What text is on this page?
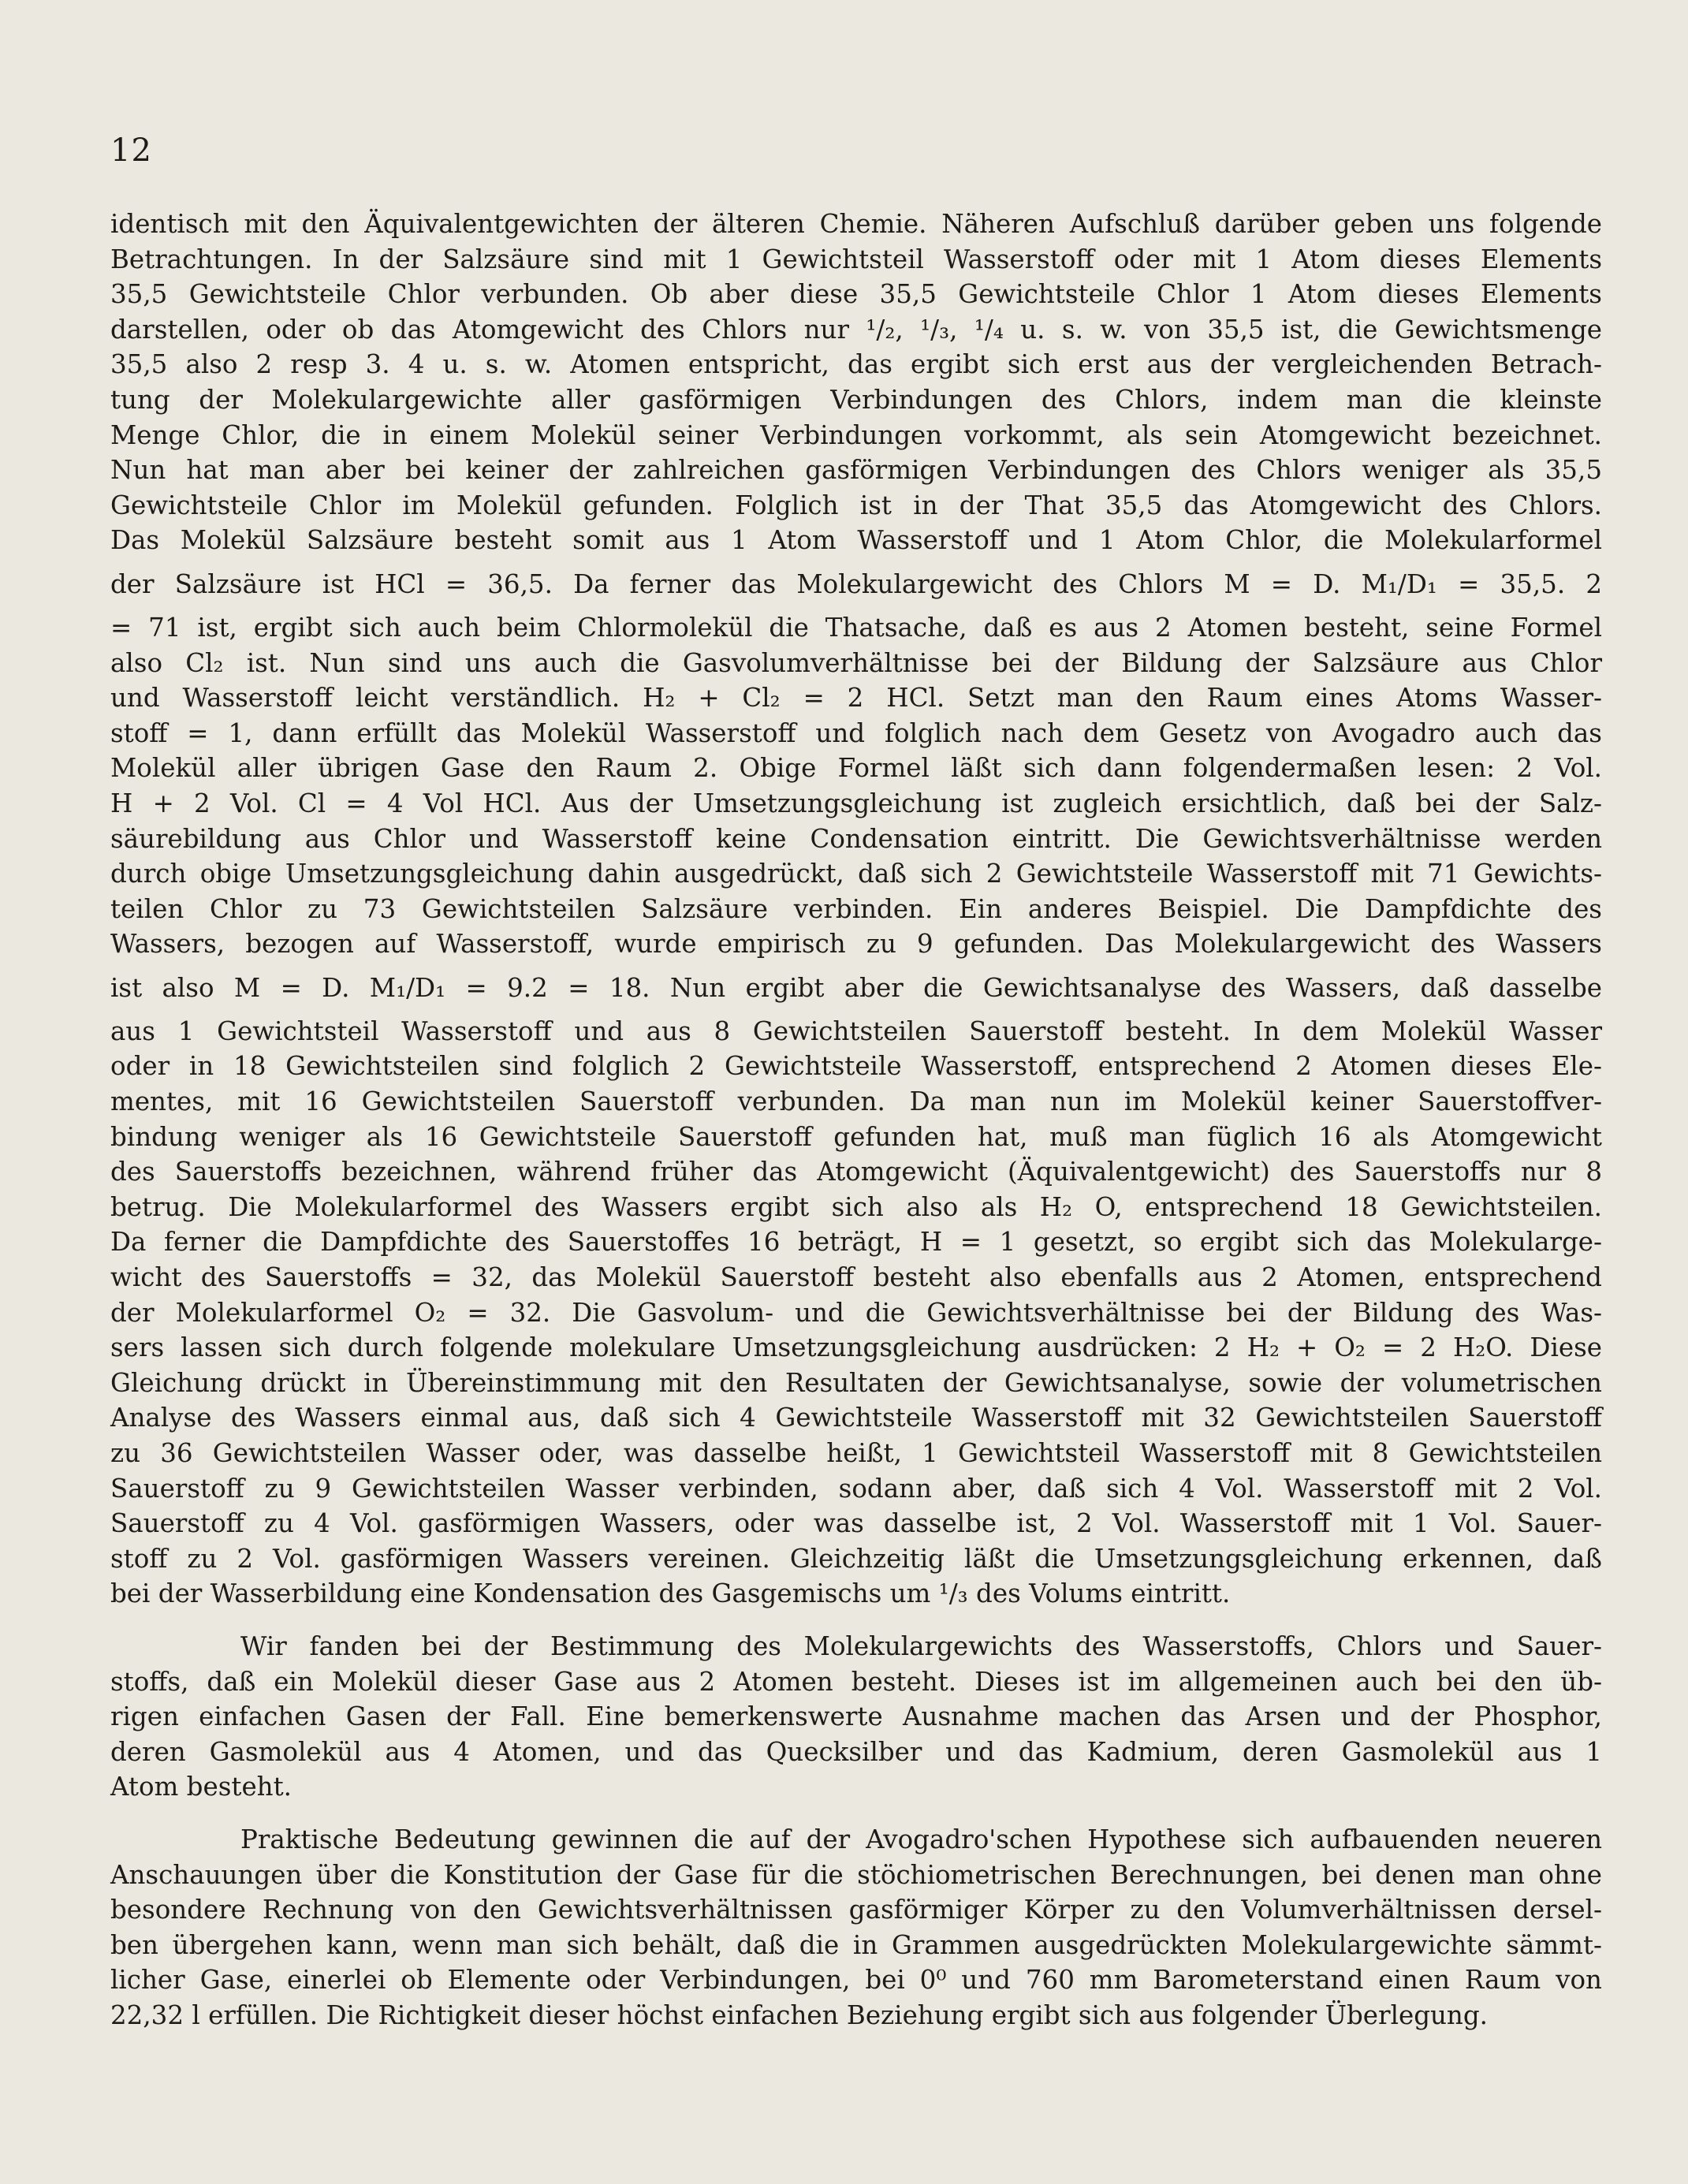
12
identisch mit den Äquivalentgewichten der älteren Chemie. Näheren Aufschluß darüber geben uns folgende
Betrachtungen. In der Salzsäure sind mit 1 Gewichtsteil Wasserstoff oder mit 1 Atom dieses Elements
35,5 Gewichtsteile Chlor verbunden. Ob aber diese 35,5 Gewichtsteile Chlor 1 Atom dieses Elements
darstellen, oder ob das Atomgewicht des Chlors nur ¹/₂, ¹/₃, ¹/₄ u. s. w. von 35,5 ist, die Gewichtsmenge
35,5 also 2 resp 3. 4 u. s. w. Atomen entspricht, das ergibt sich erst aus der vergleichenden Betrach-
tung der Molekulargewichte aller gasförmigen Verbindungen des Chlors, indem man die kleinste
Menge Chlor, die in einem Molekül seiner Verbindungen vorkommt, als sein Atomgewicht bezeichnet.
Nun hat man aber bei keiner der zahlreichen gasförmigen Verbindungen des Chlors weniger als 35,5
Gewichtsteile Chlor im Molekül gefunden. Folglich ist in der That 35,5 das Atomgewicht des Chlors.
Das Molekül Salzsäure besteht somit aus 1 Atom Wasserstoff und 1 Atom Chlor, die Molekularformel
der Salzsäure ist HCl = 36,5. Da ferner das Molekulargewicht des Chlors M = D. M₁/D₁ = 35,5. 2
= 71 ist, ergibt sich auch beim Chlormolekül die Thatsache, daß es aus 2 Atomen besteht, seine Formel
also Cl₂ ist. Nun sind uns auch die Gasvolumverhältnisse bei der Bildung der Salzsäure aus Chlor
und Wasserstoff leicht verständlich. H₂ + Cl₂ = 2 HCl. Setzt man den Raum eines Atoms Wasser-
stoff = 1, dann erfüllt das Molekül Wasserstoff und folglich nach dem Gesetz von Avogadro auch das
Molekül aller übrigen Gase den Raum 2. Obige Formel läßt sich dann folgendermaßen lesen: 2 Vol.
H + 2 Vol. Cl = 4 Vol HCl. Aus der Umsetzungsgleichung ist zugleich ersichtlich, daß bei der Salz-
säurebildung aus Chlor und Wasserstoff keine Condensation eintritt. Die Gewichtsverhältnisse werden
durch obige Umsetzungsgleichung dahin ausgedrückt, daß sich 2 Gewichtsteile Wasserstoff mit 71 Gewichts-
teilen Chlor zu 73 Gewichtsteilen Salzsäure verbinden. Ein anderes Beispiel. Die Dampfdichte des
Wassers, bezogen auf Wasserstoff, wurde empirisch zu 9 gefunden. Das Molekulargewicht des Wassers
ist also M = D. M₁/D₁ = 9.2 = 18. Nun ergibt aber die Gewichtsanalyse des Wassers, daß dasselbe
aus 1 Gewichtsteil Wasserstoff und aus 8 Gewichtsteilen Sauerstoff besteht. In dem Molekül Wasser
oder in 18 Gewichtsteilen sind folglich 2 Gewichtsteile Wasserstoff, entsprechend 2 Atomen dieses Ele-
mentes, mit 16 Gewichtsteilen Sauerstoff verbunden. Da man nun im Molekül keiner Sauerstoffver-
bindung weniger als 16 Gewichtsteile Sauerstoff gefunden hat, muß man füglich 16 als Atomgewicht
des Sauerstoffs bezeichnen, während früher das Atomgewicht (Äquivalentgewicht) des Sauerstoffs nur 8
betrug. Die Molekularformel des Wassers ergibt sich also als H₂ O, entsprechend 18 Gewichtsteilen.
Da ferner die Dampfdichte des Sauerstoffes 16 beträgt, H = 1 gesetzt, so ergibt sich das Molekularge-
wicht des Sauerstoffs = 32, das Molekül Sauerstoff besteht also ebenfalls aus 2 Atomen, entsprechend
der Molekularformel O₂ = 32. Die Gasvolum- und die Gewichtsverhältnisse bei der Bildung des Was-
sers lassen sich durch folgende molekulare Umsetzungsgleichung ausdrücken: 2 H₂ + O₂ = 2 H₂O. Diese
Gleichung drückt in Übereinstimmung mit den Resultaten der Gewichtsanalyse, sowie der volumetrischen
Analyse des Wassers einmal aus, daß sich 4 Gewichtsteile Wasserstoff mit 32 Gewichtsteilen Sauerstoff
zu 36 Gewichtsteilen Wasser oder, was dasselbe heißt, 1 Gewichtsteil Wasserstoff mit 8 Gewichtsteilen
Sauerstoff zu 9 Gewichtsteilen Wasser verbinden, sodann aber, daß sich 4 Vol. Wasserstoff mit 2 Vol.
Sauerstoff zu 4 Vol. gasförmigen Wassers, oder was dasselbe ist, 2 Vol. Wasserstoff mit 1 Vol. Sauer-
stoff zu 2 Vol. gasförmigen Wassers vereinen. Gleichzeitig läßt die Umsetzungsgleichung erkennen, daß
bei der Wasserbildung eine Kondensation des Gasgemischs um ¹/₃ des Volums eintritt.
Wir fanden bei der Bestimmung des Molekulargewichts des Wasserstoffs, Chlors und Sauer-
stoffs, daß ein Molekül dieser Gase aus 2 Atomen besteht. Dieses ist im allgemeinen auch bei den üb-
rigen einfachen Gasen der Fall. Eine bemerkenswerte Ausnahme machen das Arsen und der Phosphor,
deren Gasmolekül aus 4 Atomen, und das Quecksilber und das Kadmium, deren Gasmolekül aus 1
Atom besteht.
Praktische Bedeutung gewinnen die auf der Avogadro'schen Hypothese sich aufbauenden neueren
Anschauungen über die Konstitution der Gase für die stöchiometrischen Berechnungen, bei denen man ohne
besondere Rechnung von den Gewichtsverhältnissen gasförmiger Körper zu den Volumverhältnissen dersel-
ben übergehen kann, wenn man sich behält, daß die in Grammen ausgedrückten Molekulargewichte sämmt-
licher Gase, einerlei ob Elemente oder Verbindungen, bei 0⁰ und 760 mm Barometerstand einen Raum von
22,32 l erfüllen. Die Richtigkeit dieser höchst einfachen Beziehung ergibt sich aus folgender Überlegung.
